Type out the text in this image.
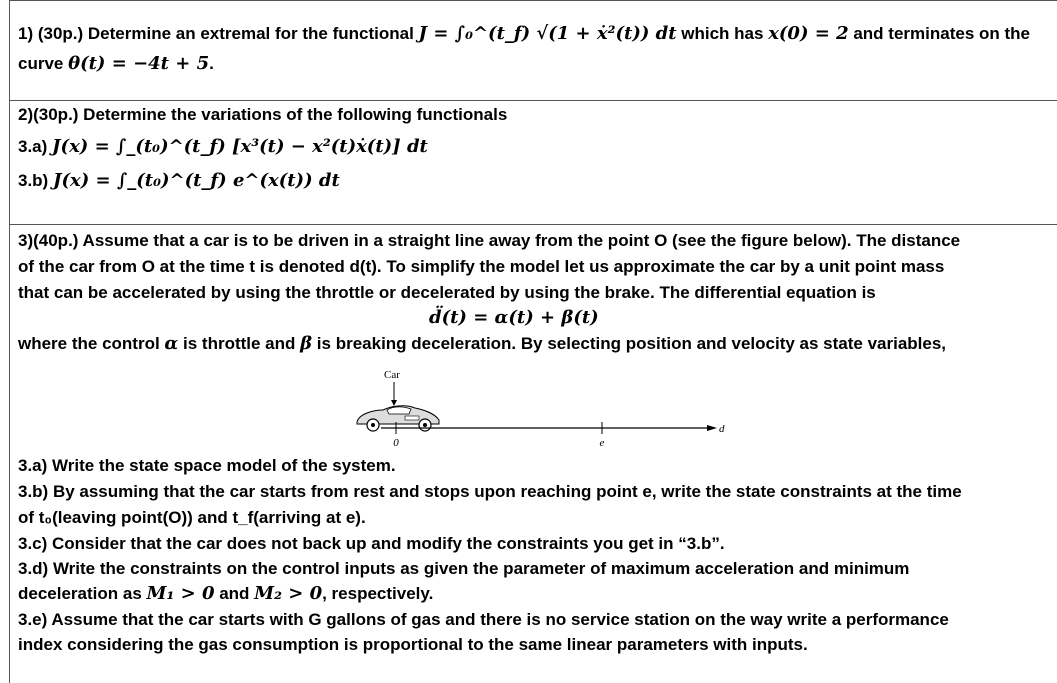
1) (30p.) Determine an extremal for the functional J = ∫₀^(t_f) √(1 + ẋ²(t)) dt which has x(0) = 2 and terminates on the
curve θ(t) = −4t + 5.
2)(30p.) Determine the variations of the following functionals
3.a) J(x) = ∫_(t₀)^(t_f) [x³(t) − x²(t)ẋ(t)] dt
3.b) J(x) = ∫_(t₀)^(t_f) e^(x(t)) dt
3)(40p.) Assume that a car is to be driven in a straight line away from the point O (see the figure below). The distance
of the car from O at the time t is denoted d(t). To simplify the model let us approximate the car by a unit point mass
that can be accelerated by using the throttle or decelerated by using the brake. The differential equation is
d̈(t) = α(t) + β(t)
where the control α is throttle and β is breaking deceleration. By selecting position and velocity as state variables,
Car
0	e
d
3.a) Write the state space model of the system.
3.b) By assuming that the car starts from rest and stops upon reaching point e, write the state constraints at the time
of t₀(leaving point(O)) and t_f(arriving at e).
3.c) Consider that the car does not back up and modify the constraints you get in “3.b”.
3.d) Write the constraints on the control inputs as given the parameter of maximum acceleration and minimum
deceleration as M₁ > 0 and M₂ > 0, respectively.
3.e) Assume that the car starts with G gallons of gas and there is no service station on the way write a performance
index considering the gas consumption is proportional to the same linear parameters with inputs.
